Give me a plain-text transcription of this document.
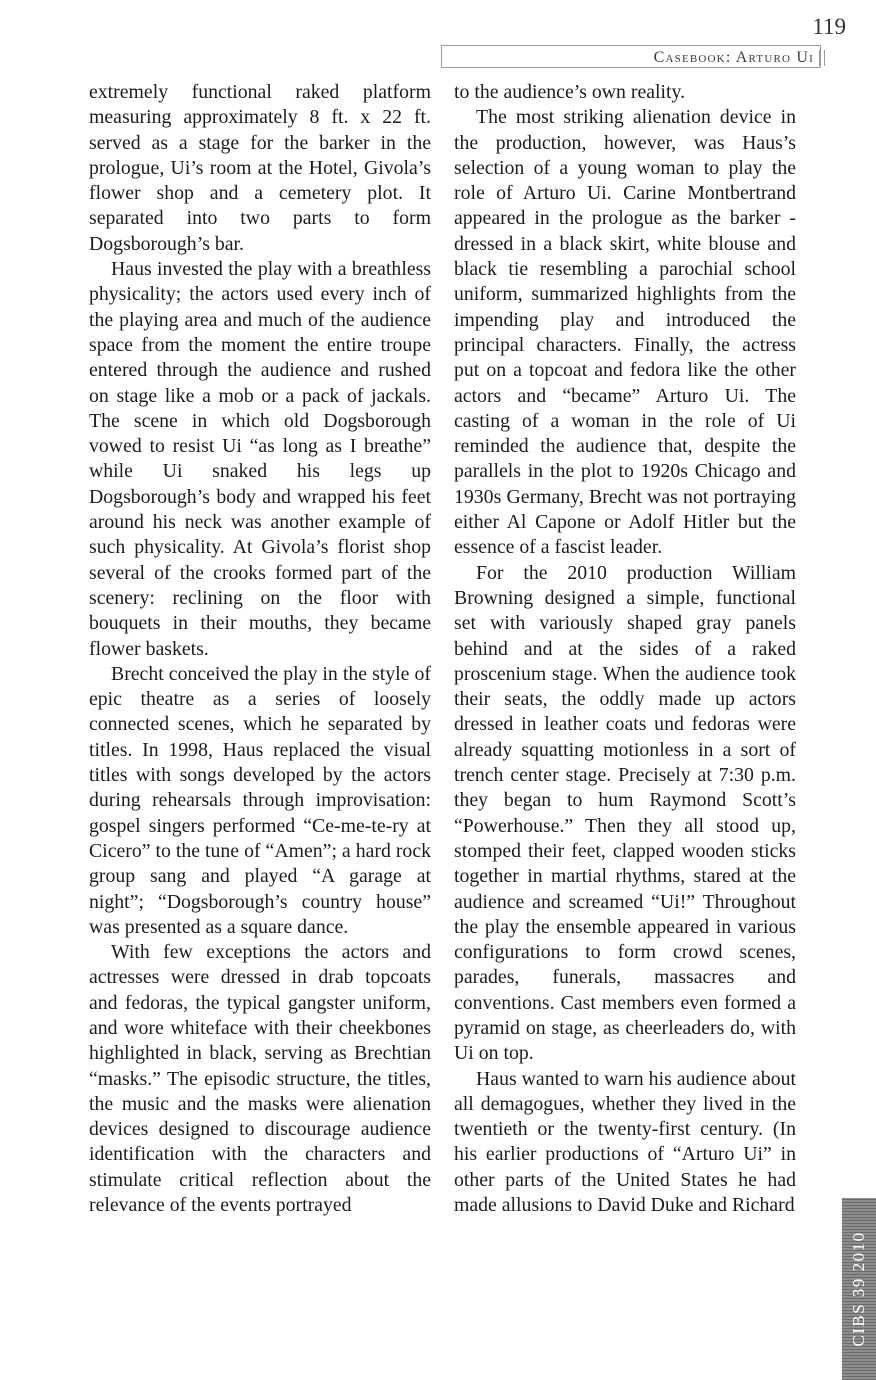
119
Casebook: Arturo Ui

extremely functional raked platform measuring approximately 8 ft. x 22 ft. served as a stage for the barker in the prologue, Ui’s room at the Hotel, Givola’s flower shop and a cemetery plot. It separated into two parts to form Dogsborough’s bar.

Haus invested the play with a breathless physicality; the actors used every inch of the playing area and much of the audience space from the moment the entire troupe entered through the audience and rushed on stage like a mob or a pack of jackals. The scene in which old Dogsborough vowed to resist Ui “as long as I breathe” while Ui snaked his legs up Dogsborough’s body and wrapped his feet around his neck was another example of such physicality. At Givola’s florist shop several of the crooks formed part of the scenery: reclining on the floor with bouquets in their mouths, they became flower baskets.

Brecht conceived the play in the style of epic theatre as a series of loosely connected scenes, which he separated by titles. In 1998, Haus replaced the visual titles with songs developed by the actors during rehearsals through improvisation: gospel singers performed “Ce-me-te-ry at Cicero” to the tune of “Amen”; a hard rock group sang and played “A garage at night”; “Dogsborough’s country house” was presented as a square dance.

With few exceptions the actors and actresses were dressed in drab topcoats and fedoras, the typical gangster uniform, and wore whiteface with their cheekbones highlighted in black, serving as Brechtian “masks.” The episodic structure, the titles, the music and the masks were alienation devices designed to discourage audience identification with the characters and stimulate critical reflection about the relevance of the events portrayed

to the audience’s own reality.

The most striking alienation device in the production, however, was Haus’s selection of a young woman to play the role of Arturo Ui. Carine Montbertrand appeared in the prologue as the barker - dressed in a black skirt, white blouse and black tie resembling a parochial school uniform, summarized highlights from the impending play and introduced the principal characters. Finally, the actress put on a topcoat and fedora like the other actors and “became” Arturo Ui. The casting of a woman in the role of Ui reminded the audience that, despite the parallels in the plot to 1920s Chicago and 1930s Germany, Brecht was not portraying either Al Capone or Adolf Hitler but the essence of a fascist leader.

For the 2010 production William Browning designed a simple, functional set with variously shaped gray panels behind and at the sides of a raked proscenium stage. When the audience took their seats, the oddly made up actors dressed in leather coats und fedoras were already squatting motionless in a sort of trench center stage. Precisely at 7:30 p.m. they began to hum Raymond Scott’s “Powerhouse.” Then they all stood up, stomped their feet, clapped wooden sticks together in martial rhythms, stared at the audience and screamed “Ui!” Throughout the play the ensemble appeared in various configurations to form crowd scenes, parades, funerals, massacres and conventions. Cast members even formed a pyramid on stage, as cheerleaders do, with Ui on top.

Haus wanted to warn his audience about all demagogues, whether they lived in the twentieth or the twenty-first century. (In his earlier productions of “Arturo Ui” in other parts of the United States he had made allusions to David Duke and Richard

CIBS 39 2010
